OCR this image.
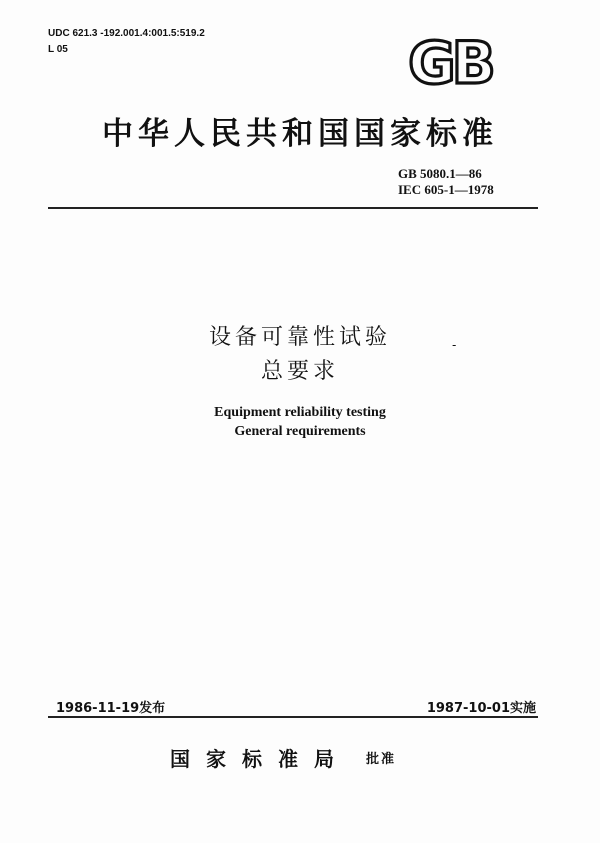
UDC 621.3 -192.001.4:001.5:519.2
L 05	GB
中华人民共和国国家标准
GB 5080.1—86
IEC 605-1—1978
设备可靠性试验	-
总要求
Equipment reliability testing
General requirements
1986-11-19发布	1987-10-01实施
国家标准局 批准
